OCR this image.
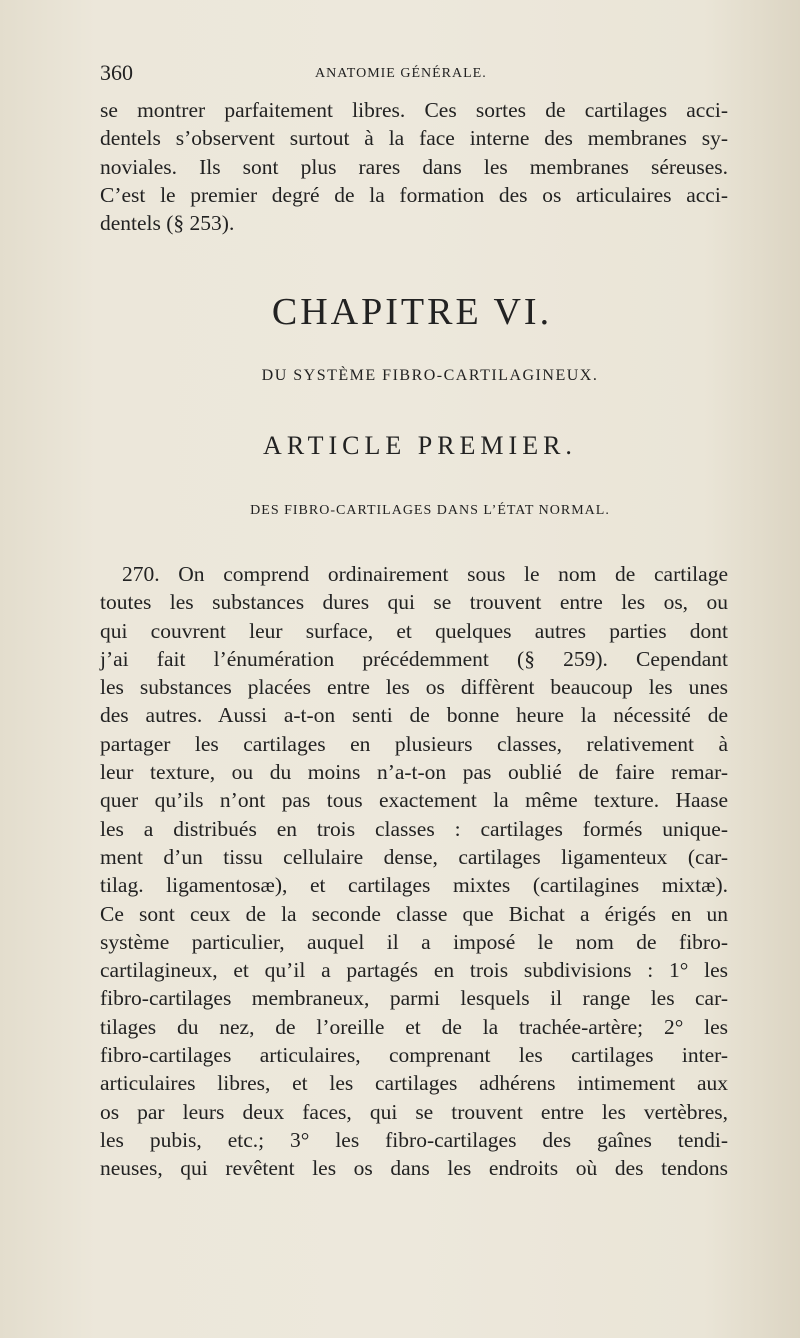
360	ANATOMIE GÉNÉRALE.
se montrer parfaitement libres. Ces sortes de cartilages acci-
dentels s’observent surtout à la face interne des membranes sy-
noviales. Ils sont plus rares dans les membranes séreuses.
C’est le premier degré de la formation des os articulaires acci-
dentels (§ 253).
CHAPITRE VI.
DU SYSTÈME FIBRO-CARTILAGINEUX.
ARTICLE PREMIER.
DES FIBRO-CARTILAGES DANS L’ÉTAT NORMAL.
270. On comprend ordinairement sous le nom de cartilage
toutes les substances dures qui se trouvent entre les os, ou
qui couvrent leur surface, et quelques autres parties dont
j’ai fait l’énumération précédemment (§ 259). Cependant
les substances placées entre les os diffèrent beaucoup les unes
des autres. Aussi a-t-on senti de bonne heure la nécessité de
partager les cartilages en plusieurs classes, relativement à
leur texture, ou du moins n’a-t-on pas oublié de faire remar-
quer qu’ils n’ont pas tous exactement la même texture. Haase
les a distribués en trois classes : cartilages formés unique-
ment d’un tissu cellulaire dense, cartilages ligamenteux (car-
tilag. ligamentosæ), et cartilages mixtes (cartilagines mixtæ).
Ce sont ceux de la seconde classe que Bichat a érigés en un
système particulier, auquel il a imposé le nom de fibro-
cartilagineux, et qu’il a partagés en trois subdivisions : 1° les
fibro-cartilages membraneux, parmi lesquels il range les car-
tilages du nez, de l’oreille et de la trachée-artère; 2° les
fibro-cartilages articulaires, comprenant les cartilages inter-
articulaires libres, et les cartilages adhérens intimement aux
os par leurs deux faces, qui se trouvent entre les vertèbres,
les pubis, etc.; 3° les fibro-cartilages des gaînes tendi-
neuses, qui revêtent les os dans les endroits où des tendons
